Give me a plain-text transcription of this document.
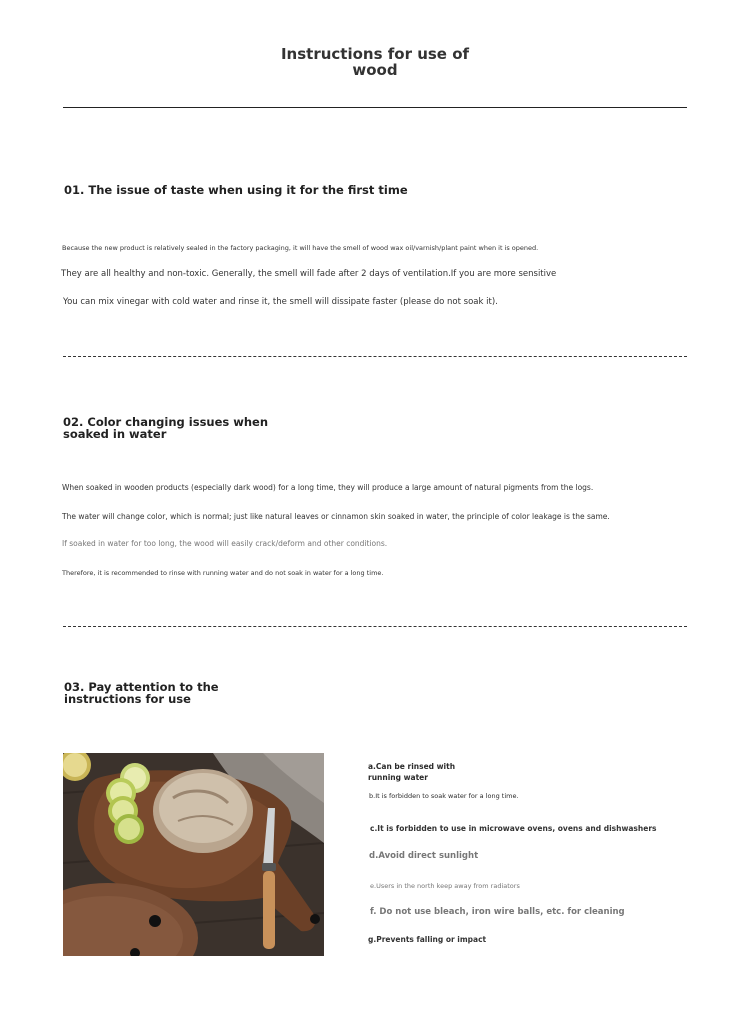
Instructions for use of wood
01. The issue of taste when using it for the first time
Because the new product is relatively sealed in the factory packaging, it will have the smell of wood wax oil/varnish/plant paint when it is opened.
They are all healthy and non-toxic. Generally, the smell will fade after 2 days of ventilation.If you are more sensitive
You can mix vinegar with cold water and rinse it, the smell will dissipate faster (please do not soak it).
02. Color changing issues when soaked in water
When soaked in wooden products (especially dark wood) for a long time, they will produce a large amount of natural pigments from the logs.
The water will change color, which is normal; just like natural leaves or cinnamon skin soaked in water, the principle of color leakage is the same.
If soaked in water for too long, the wood will easily crack/deform and other conditions.
Therefore, it is recommended to rinse with running water and do not soak in water for a long time.
03. Pay attention to the instructions for use
a.Can be rinsed with running water
b.It is forbidden to soak water for a long time.
c.It is forbidden to use in microwave ovens, ovens and dishwashers
d.Avoid direct sunlight
e.Users in the north keep away from radiators
f. Do not use bleach, iron wire balls, etc. for cleaning
g.Prevents falling or impact
